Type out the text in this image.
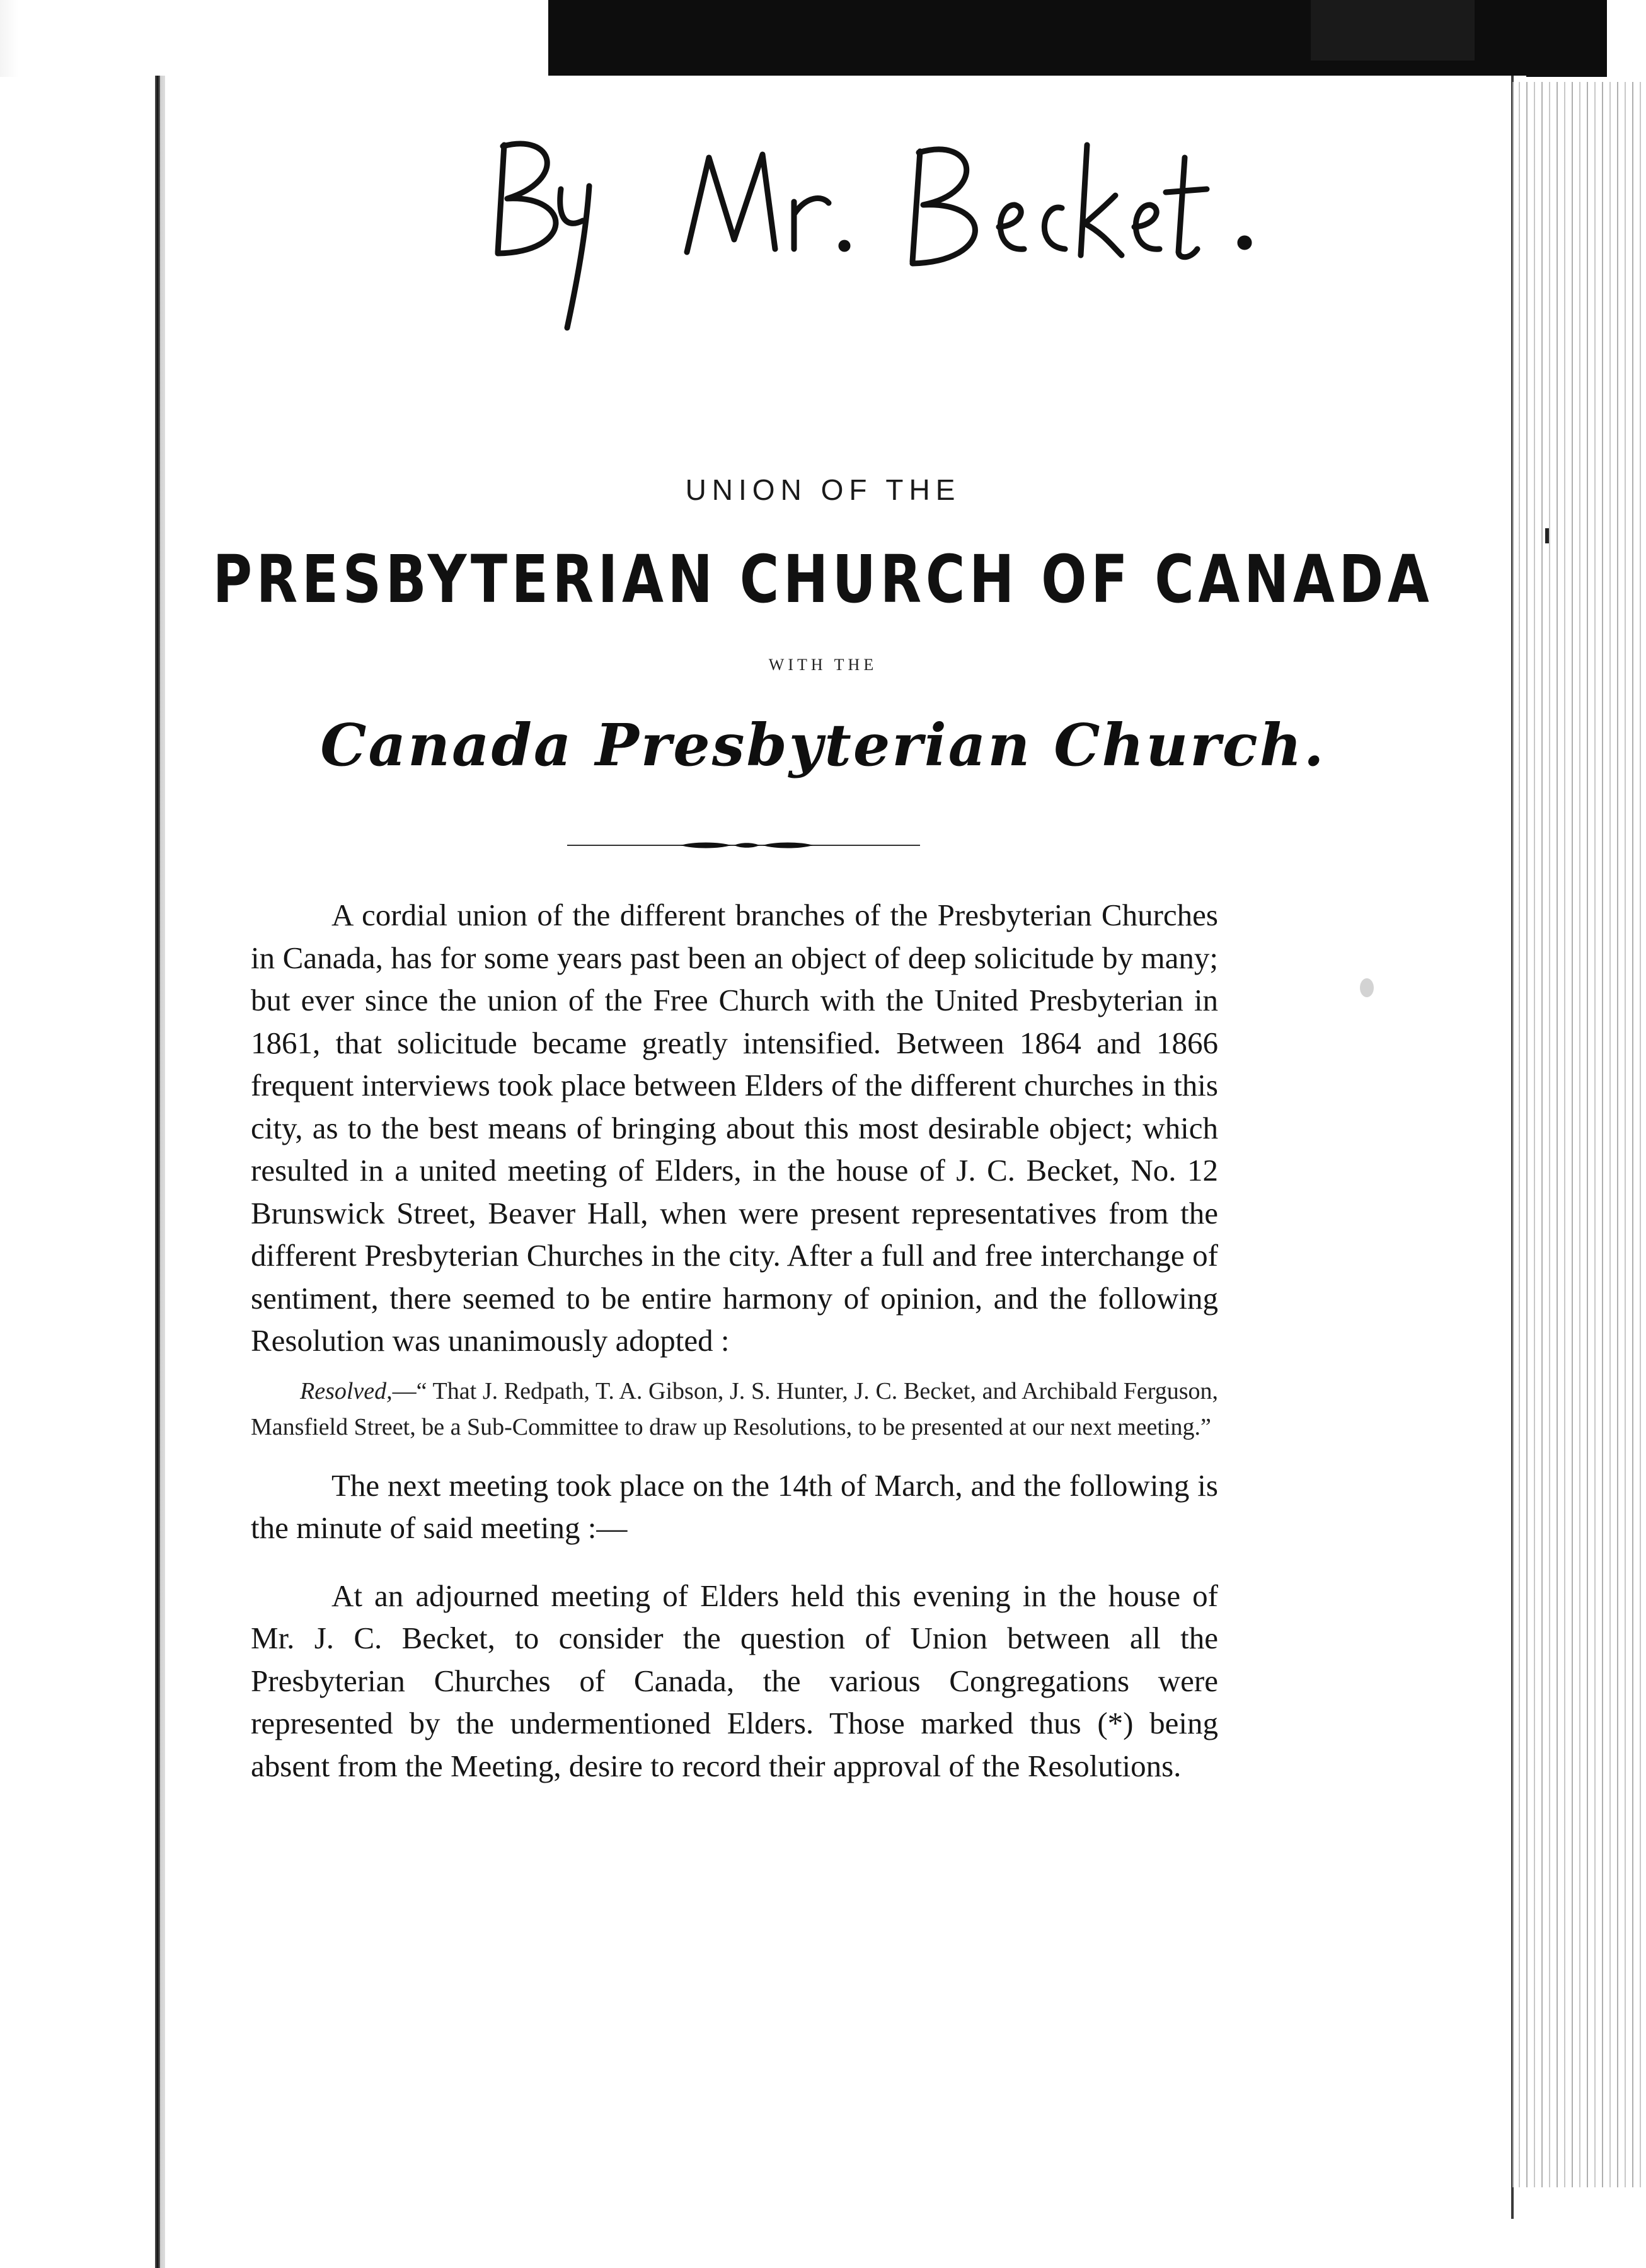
UNION OF THE
PRESBYTERIAN CHURCH OF CANADA
WITH THE
Canada Presbyterian Church.

A cordial union of the different branches of the Presbyterian Churches in Canada, has for some years past been an object of deep solicitude by many; but ever since the union of the Free Church with the United Presbyterian in 1861, that solicitude became greatly intensified. Between 1864 and 1866 frequent interviews took place between Elders of the different churches in this city, as to the best means of bringing about this most desirable object; which resulted in a united meeting of Elders, in the house of J. C. Becket, No. 12 Brunswick Street, Beaver Hall, when were present representatives from the different Presbyterian Churches in the city. After a full and free interchange of sentiment, there seemed to be entire harmony of opinion, and the following Resolution was unanimously adopted :

Resolved,—“ That J. Redpath, T. A. Gibson, J. S. Hunter, J. C. Becket, and Archibald Ferguson, Mansfield Street, be a Sub-Committee to draw up Resolutions, to be presented at our next meeting.”

The next meeting took place on the 14th of March, and the following is the minute of said meeting :—

At an adjourned meeting of Elders held this evening in the house of Mr. J. C. Becket, to consider the question of Union between all the Presbyterian Churches of Canada, the various Congregations were represented by the undermentioned Elders. Those marked thus (*) being absent from the Meeting, desire to record their approval of the Resolutions.
